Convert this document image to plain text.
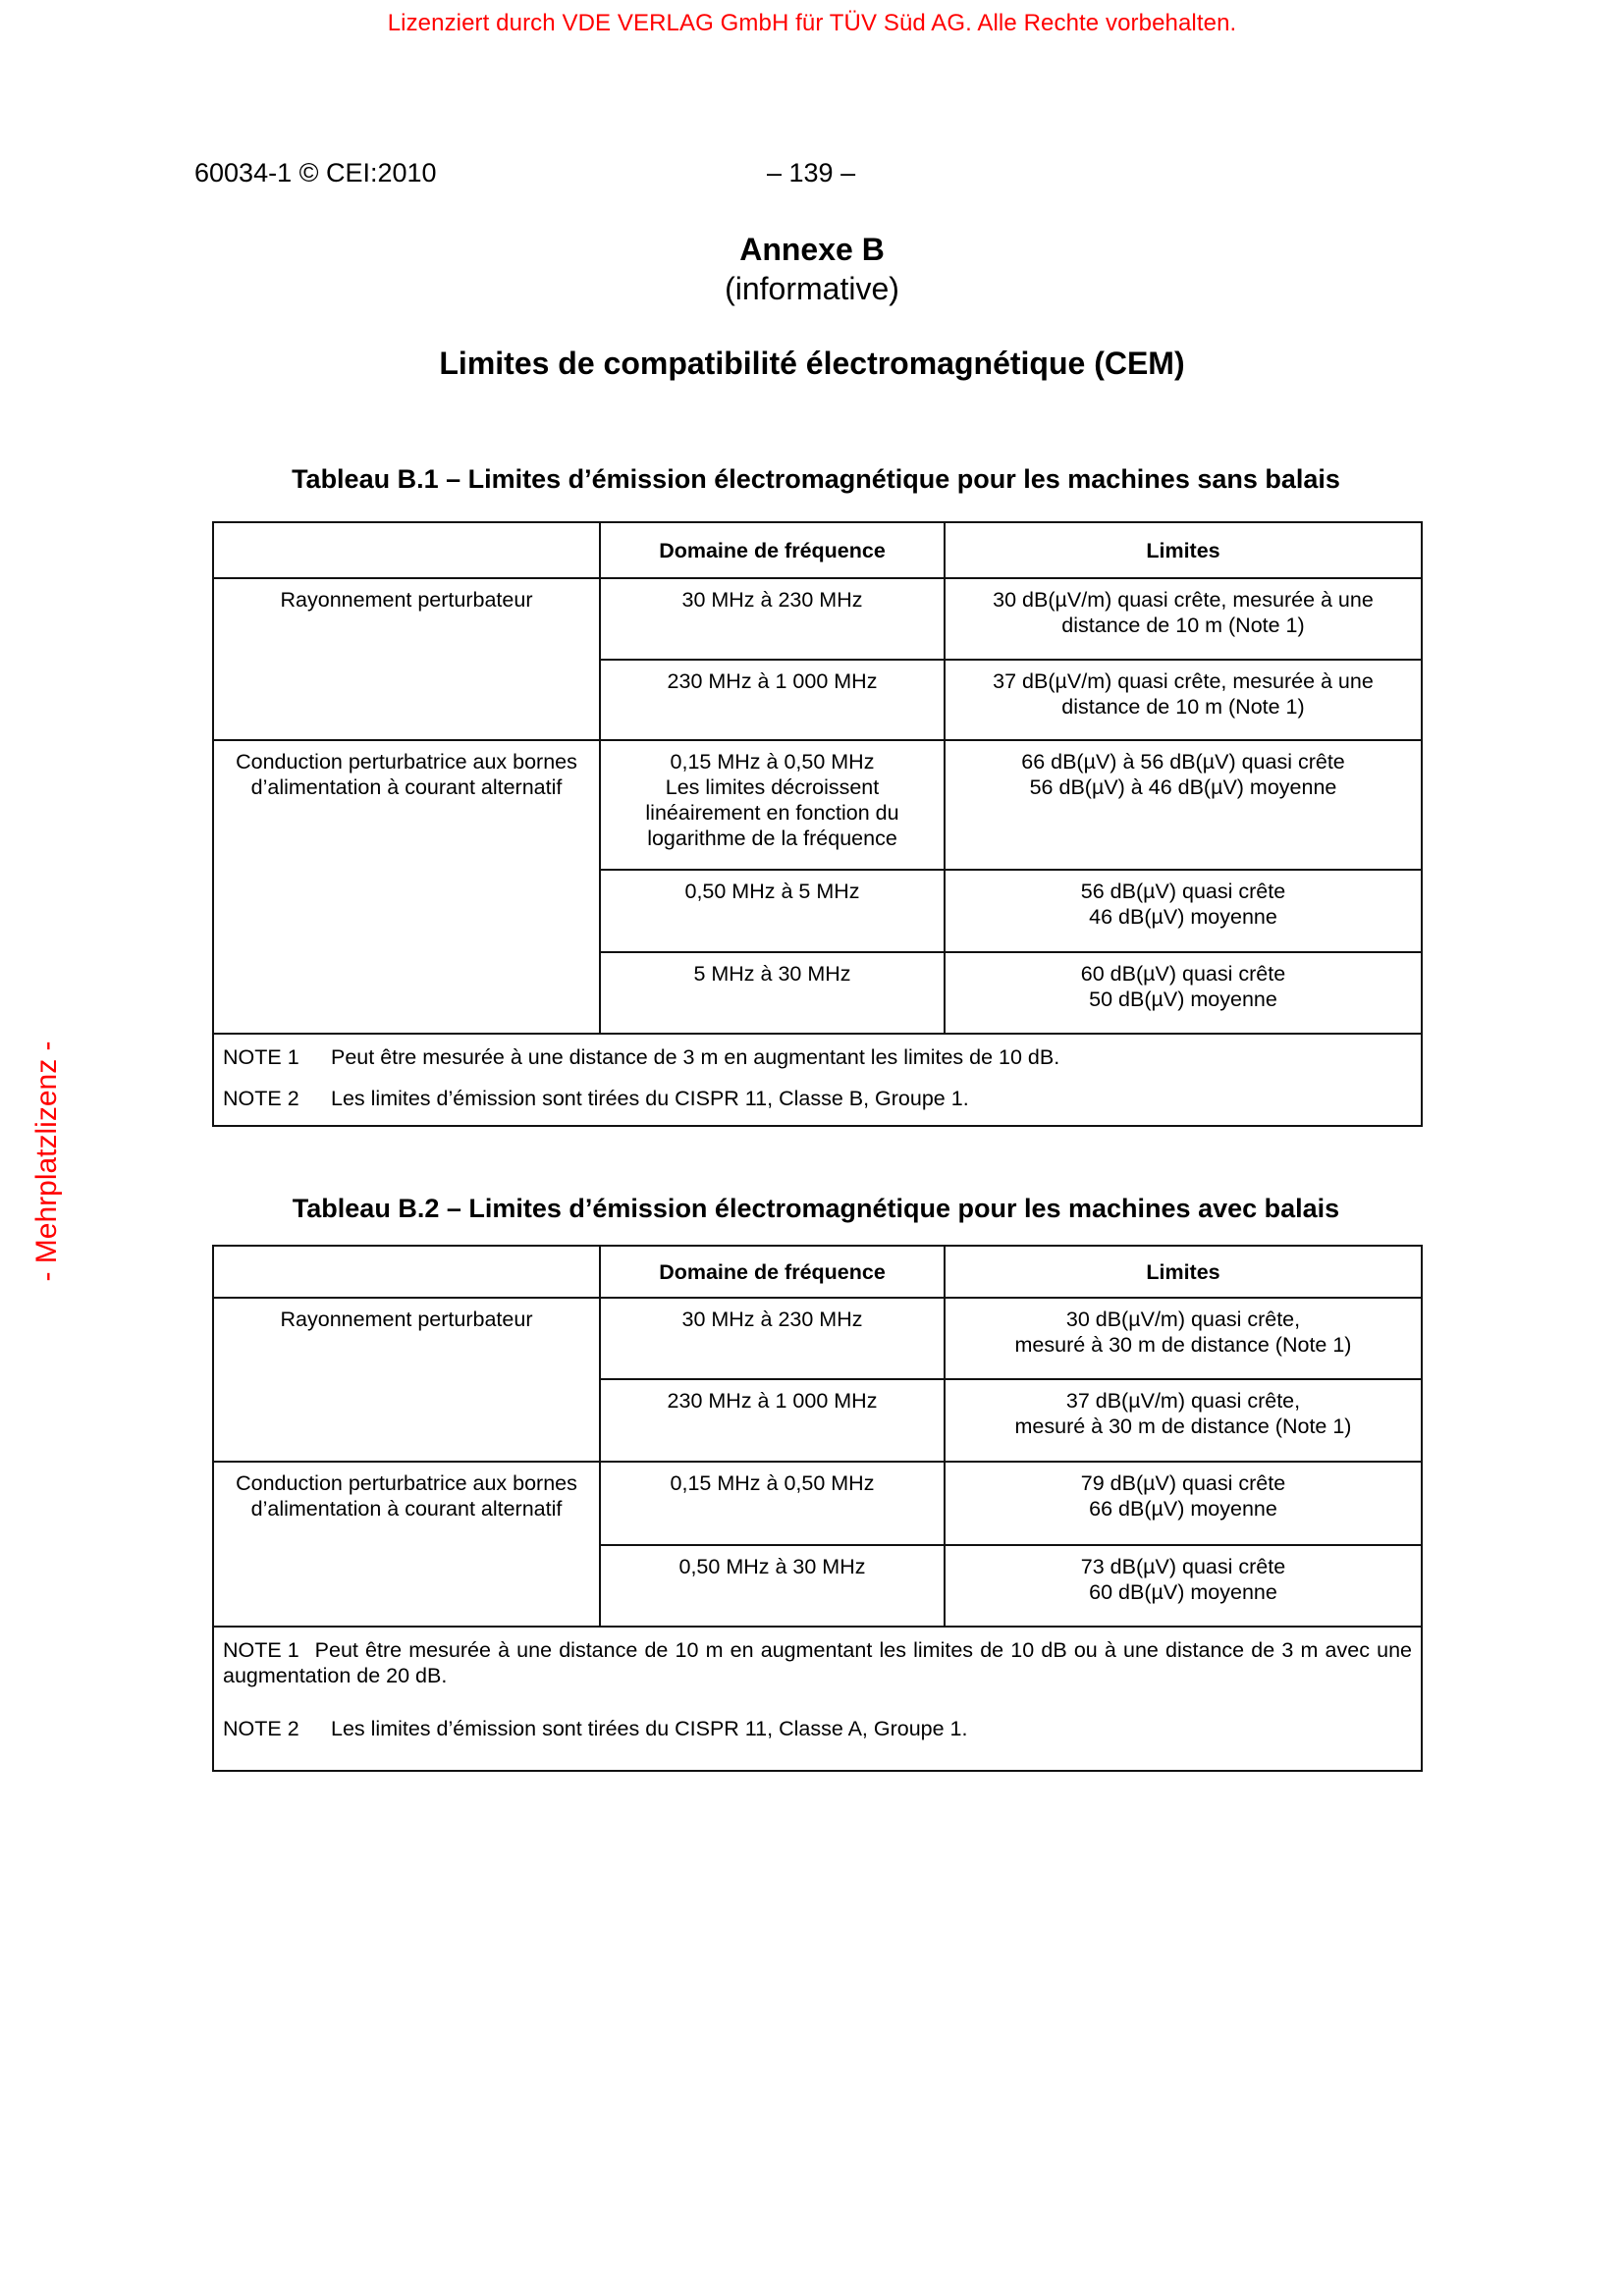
Lizenziert durch VDE VERLAG GmbH für TÜV Süd AG. Alle Rechte vorbehalten.
- Mehrplatzlizenz -
60034-1 © CEI:2010	– 139 –
Annexe B
(informative)
Limites de compatibilité électromagnétique (CEM)
Tableau B.1 – Limites d’émission électromagnétique pour les machines sans balais
	Domaine de fréquence	Limites
Rayonnement perturbateur	30 MHz à 230 MHz	30 dB(µV/m) quasi crête, mesurée à une
distance de 10 m (Note 1)

	230 MHz à 1 000 MHz	37 dB(µV/m) quasi crête, mesurée à une
distance de 10 m (Note 1)

Conduction perturbatrice aux bornes d’alimentation à courant alternatif	0,15 MHz à 0,50 MHz
Les limites décroissent
linéairement en fonction du
logarithme de la fréquence	66 dB(µV) à 56 dB(µV) quasi crête
56 dB(µV) à 46 dB(µV) moyenne

	0,50 MHz à 5 MHz	56 dB(µV) quasi crête
46 dB(µV) moyenne

	5 MHz à 30 MHz	60 dB(µV) quasi crête
50 dB(µV) moyenne

NOTE 1 Peut être mesurée à une distance de 3 m en augmentant les limites de 10 dB.
NOTE 2 Les limites d’émission sont tirées du CISPR 11, Classe B, Groupe 1.		
Tableau B.2 – Limites d’émission électromagnétique pour les machines avec balais
	Domaine de fréquence	Limites
Rayonnement perturbateur	30 MHz à 230 MHz	30 dB(µV/m) quasi crête,
mesuré à 30 m de distance (Note 1)

	230 MHz à 1 000 MHz	37 dB(µV/m) quasi crête,
mesuré à 30 m de distance (Note 1)

Conduction perturbatrice aux bornes d’alimentation à courant alternatif	0,15 MHz à 0,50 MHz	79 dB(µV) quasi crête
66 dB(µV) moyenne

	0,50 MHz à 30 MHz	73 dB(µV) quasi crête
60 dB(µV) moyenne

NOTE 1 Peut être mesurée à une distance de 10 m en augmentant les limites de 10 dB ou à une distance de 3 m avec une augmentation de 20 dB.
NOTE 2 Les limites d’émission sont tirées du CISPR 11, Classe A, Groupe 1.		
